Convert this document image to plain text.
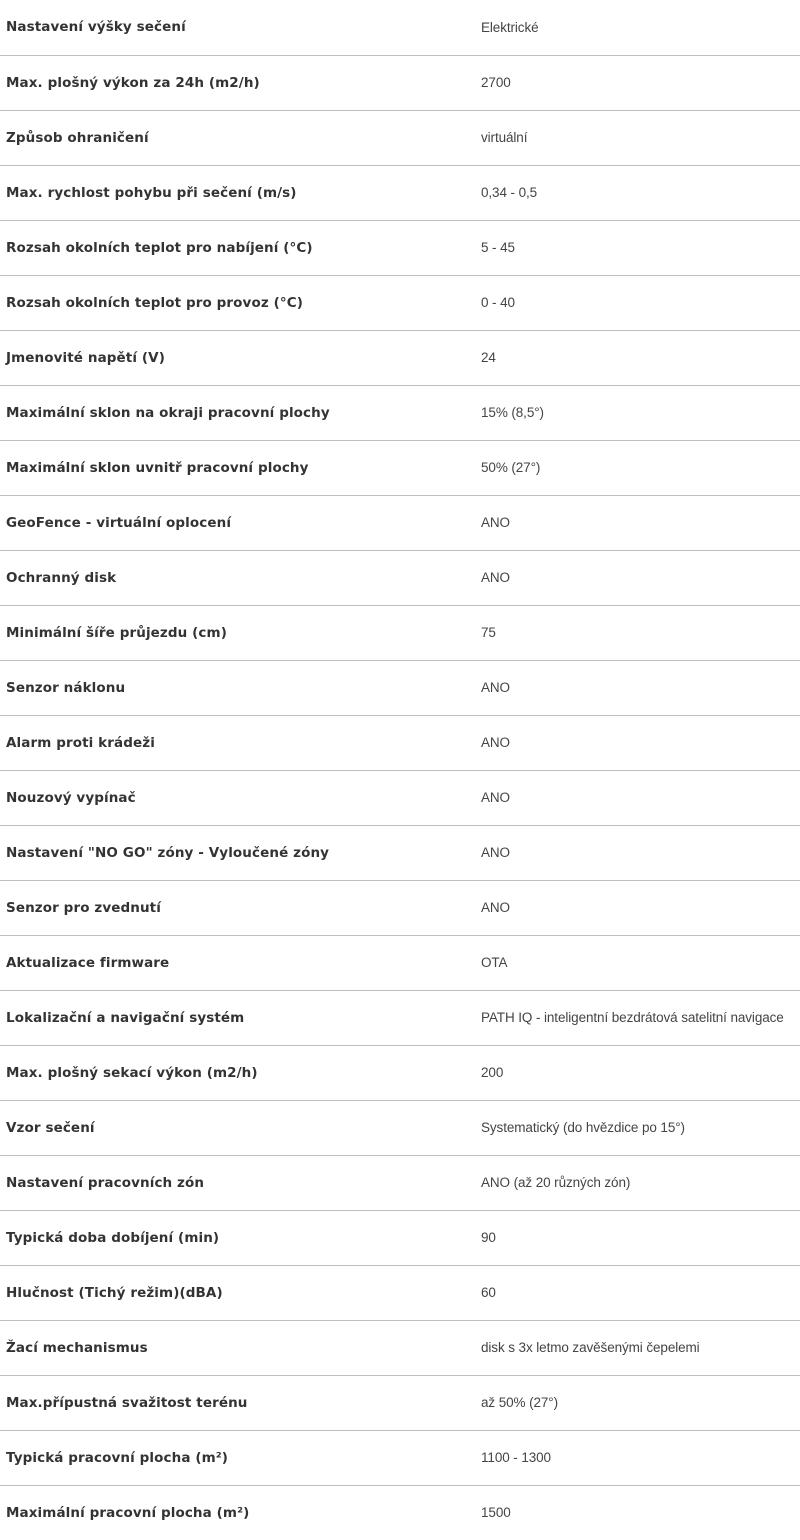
Nastavení výšky sečení	Elektrické
Max. plošný výkon za 24h (m2/h)	2700
Způsob ohraničení	virtuální
Max. rychlost pohybu při sečení (m/s)	0,34 - 0,5
Rozsah okolních teplot pro nabíjení (°C)	5 - 45
Rozsah okolních teplot pro provoz (°C)	0 - 40
Jmenovité napětí (V)	24
Maximální sklon na okraji pracovní plochy	15% (8,5°)
Maximální sklon uvnitř pracovní plochy	50% (27°)
GeoFence - virtuální oplocení	ANO
Ochranný disk	ANO
Minimální šíře průjezdu (cm)	75
Senzor náklonu	ANO
Alarm proti krádeži	ANO
Nouzový vypínač	ANO
Nastavení "NO GO" zóny - Vyloučené zóny	ANO
Senzor pro zvednutí	ANO
Aktualizace firmware	OTA
Lokalizační a navigační systém	PATH IQ - inteligentní bezdrátová satelitní navigace
Max. plošný sekací výkon (m2/h)	200
Vzor sečení	Systematický (do hvězdice po 15°)
Nastavení pracovních zón	ANO (až 20 různých zón)
Typická doba dobíjení (min)	90
Hlučnost (Tichý režim)(dBA)	60
Žací mechanismus	disk s 3x letmo zavěšenými čepelemi
Max.přípustná svažitost terénu	až 50% (27°)
Typická pracovní plocha (m²)	1100 - 1300
Maximální pracovní plocha (m²)	1500
